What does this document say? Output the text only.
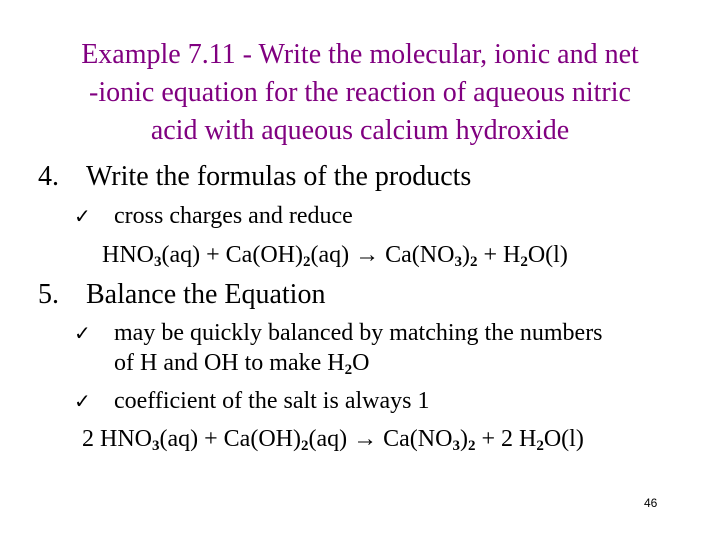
Example 7.11 - Write the molecular, ionic and net
-ionic equation for the reaction of aqueous nitric
acid with aqueous calcium hydroxide
4. Write the formulas of the products
✓ cross charges and reduce
$HNO_3(aq) + Ca(OH)_2(aq) \to Ca(NO_3)_2 + H_2O(l)$
5. Balance the Equation
✓ may be quickly balanced by matching the numbers
of H and OH to make $H_2O$
✓ coefficient of the salt is always 1
2 $HNO_3(aq) + Ca(OH)_2(aq) \to Ca(NO_3)_2 + 2$ $H_2O(l)$
46
